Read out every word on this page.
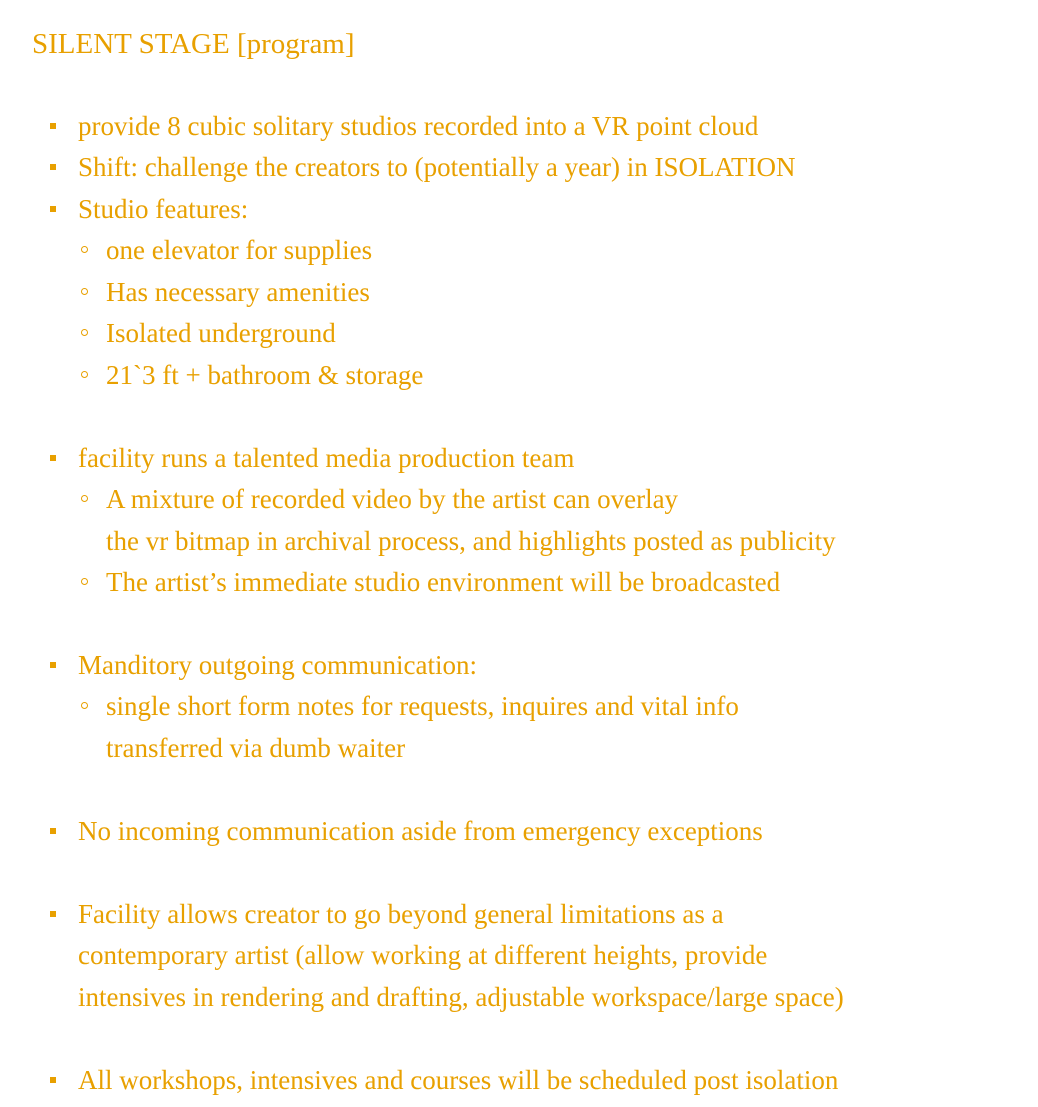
SILENT STAGE [program]
provide 8 cubic solitary studios recorded into a VR point cloud
Shift: challenge the creators to (potentially a year) in ISOLATION
Studio features:
one elevator for supplies
Has necessary amenities
Isolated underground
21`3 ft + bathroom & storage
facility runs a talented media production team
A mixture of recorded video by the artist can overlay
the vr bitmap in archival process, and highlights posted as publicity
The artist’s immediate studio environment will be broadcasted
Manditory outgoing communication:
single short form notes for requests, inquires and vital info
transferred via dumb waiter
No incoming communication aside from emergency exceptions
Facility allows creator to go beyond general limitations as a
contemporary artist (allow working at different heights, provide
intensives in rendering and drafting, adjustable workspace/large space)
All workshops, intensives and courses will be scheduled post isolation
